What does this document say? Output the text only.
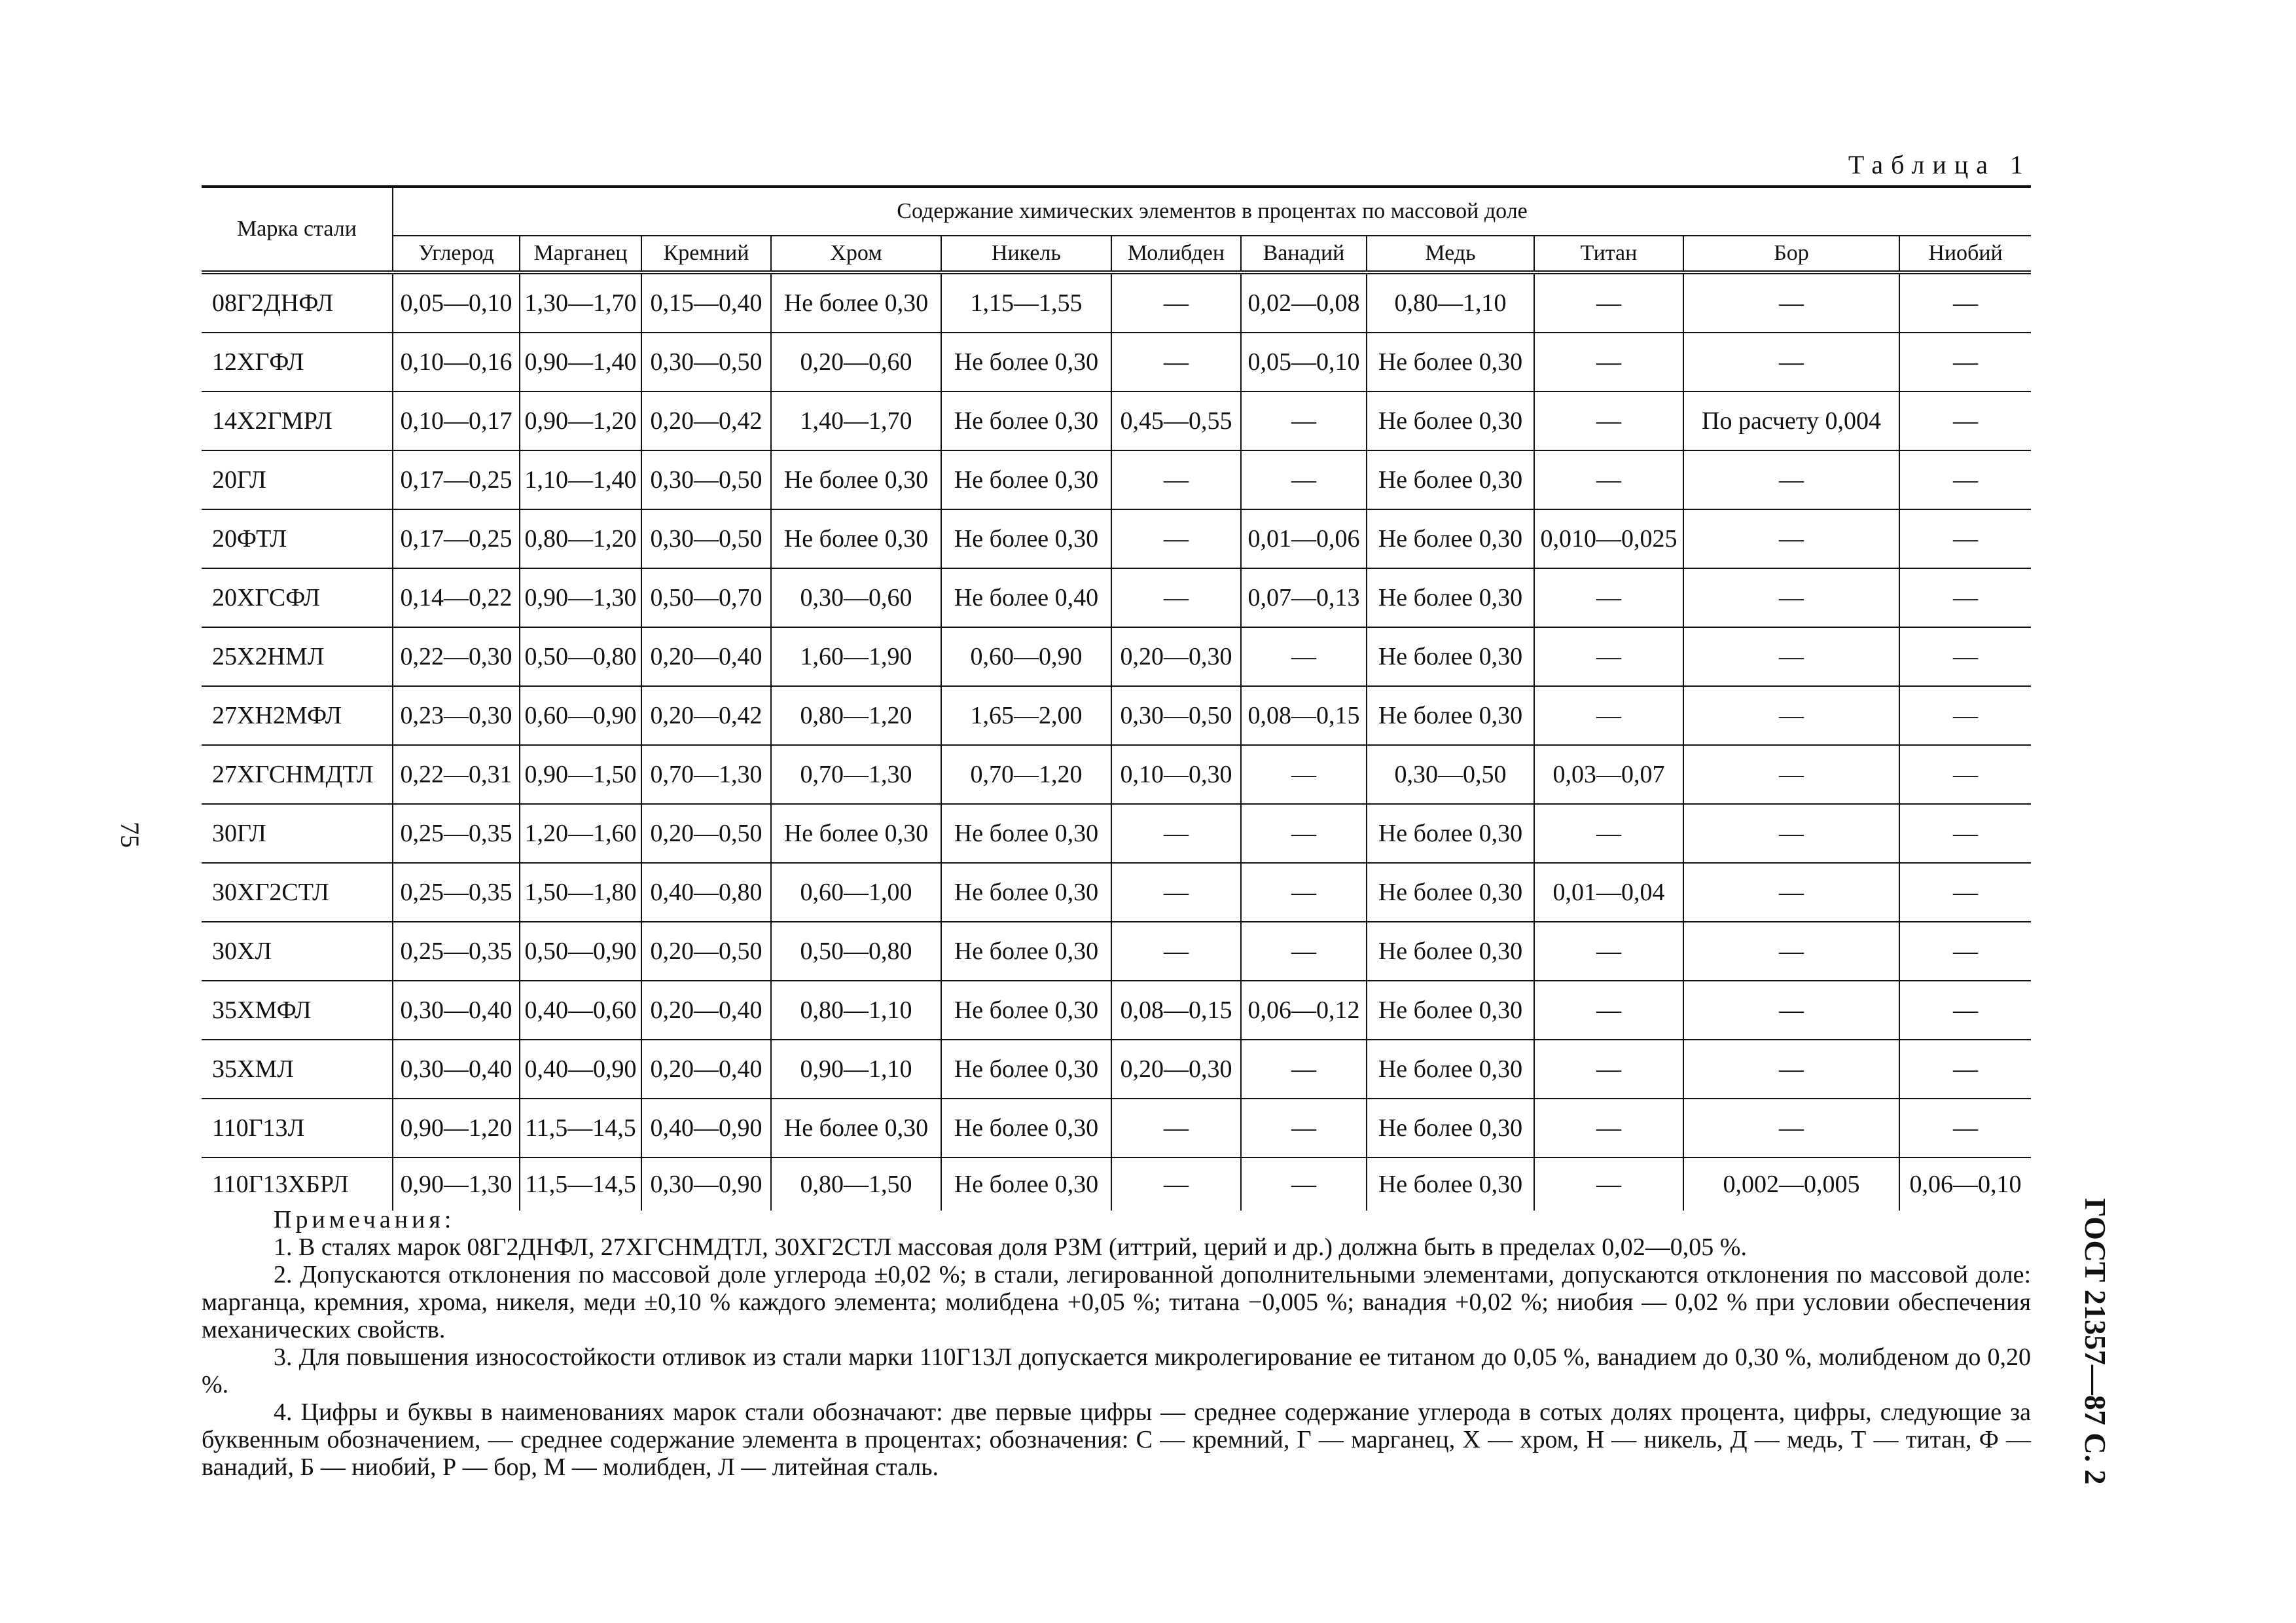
75
ГОСТ 21357—87 С. 2
Таблица 1
Марка стали	Содержание химических элементов в процентах по массовой доле										
	Углерод	Марганец	Кремний	Хром	Никель	Молибден	Ванадий	Медь	Титан	Бор	Ниобий
08Г2ДНФЛ	0,05—0,10	1,30—1,70	0,15—0,40	Не более 0,30	1,15—1,55	—	0,02—0,08	0,80—1,10	—	—	—
12ХГФЛ	0,10—0,16	0,90—1,40	0,30—0,50	0,20—0,60	Не более 0,30	—	0,05—0,10	Не более 0,30	—	—	—
14Х2ГМРЛ	0,10—0,17	0,90—1,20	0,20—0,42	1,40—1,70	Не более 0,30	0,45—0,55	—	Не более 0,30	—	По расчету 0,004	—
20ГЛ	0,17—0,25	1,10—1,40	0,30—0,50	Не более 0,30	Не более 0,30	—	—	Не более 0,30	—	—	—
20ФТЛ	0,17—0,25	0,80—1,20	0,30—0,50	Не более 0,30	Не более 0,30	—	0,01—0,06	Не более 0,30	0,010—0,025	—	—
20ХГСФЛ	0,14—0,22	0,90—1,30	0,50—0,70	0,30—0,60	Не более 0,40	—	0,07—0,13	Не более 0,30	—	—	—
25Х2НМЛ	0,22—0,30	0,50—0,80	0,20—0,40	1,60—1,90	0,60—0,90	0,20—0,30	—	Не более 0,30	—	—	—
27ХН2МФЛ	0,23—0,30	0,60—0,90	0,20—0,42	0,80—1,20	1,65—2,00	0,30—0,50	0,08—0,15	Не более 0,30	—	—	—
27ХГСНМДТЛ	0,22—0,31	0,90—1,50	0,70—1,30	0,70—1,30	0,70—1,20	0,10—0,30	—	0,30—0,50	0,03—0,07	—	—
30ГЛ	0,25—0,35	1,20—1,60	0,20—0,50	Не более 0,30	Не более 0,30	—	—	Не более 0,30	—	—	—
30ХГ2СТЛ	0,25—0,35	1,50—1,80	0,40—0,80	0,60—1,00	Не более 0,30	—	—	Не более 0,30	0,01—0,04	—	—
30ХЛ	0,25—0,35	0,50—0,90	0,20—0,50	0,50—0,80	Не более 0,30	—	—	Не более 0,30	—	—	—
35ХМФЛ	0,30—0,40	0,40—0,60	0,20—0,40	0,80—1,10	Не более 0,30	0,08—0,15	0,06—0,12	Не более 0,30	—	—	—
35ХМЛ	0,30—0,40	0,40—0,90	0,20—0,40	0,90—1,10	Не более 0,30	0,20—0,30	—	Не более 0,30	—	—	—
110Г13Л	0,90—1,20	11,5—14,5	0,40—0,90	Не более 0,30	Не более 0,30	—	—	Не более 0,30	—	—	—
110Г13ХБРЛ	0,90—1,30	11,5—14,5	0,30—0,90	0,80—1,50	Не более 0,30	—	—	Не более 0,30	—	0,002—0,005	0,06—0,10
Примечания:

1. В сталях марок 08Г2ДНФЛ, 27ХГСНМДТЛ, 30ХГ2СТЛ массовая доля РЗМ (иттрий, церий и др.) должна быть в пределах 0,02—0,05 %.

2. Допускаются отклонения по массовой доле углерода ±0,02 %; в стали, легированной дополнительными элементами, допускаются отклонения по массовой доле: марганца, кремния, хрома, никеля, меди ±0,10 % каждого элемента; молибдена +0,05 %; титана −0,005 %; ванадия +0,02 %; ниобия — 0,02 % при условии обеспечения механических свойств.

3. Для повышения износостойкости отливок из стали марки 110Г13Л допускается микролегирование ее титаном до 0,05 %, ванадием до 0,30 %, молибденом до 0,20 %.

4. Цифры и буквы в наименованиях марок стали обозначают: две первые цифры — среднее содержание углерода в сотых долях процента, цифры, следующие за буквенным обозначением, — среднее содержание элемента в процентах; обозначения: С — кремний, Г — марганец, Х — хром, Н — никель, Д — медь, Т — титан, Ф — ванадий, Б — ниобий, Р — бор, М — молибден, Л — литейная сталь.
